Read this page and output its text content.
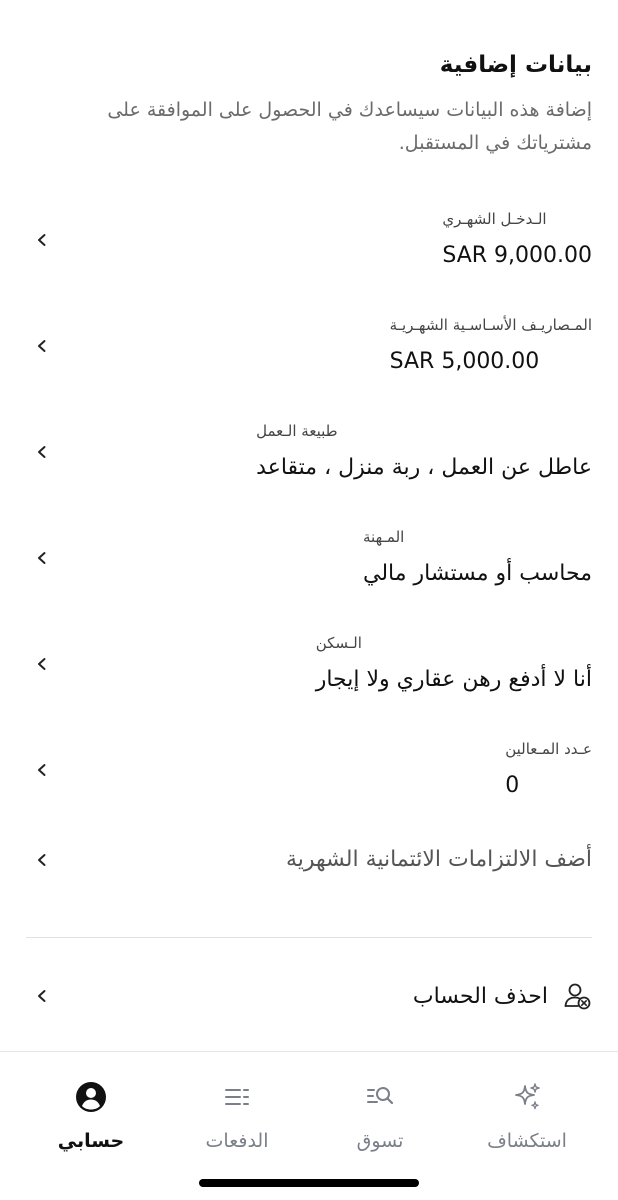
بيانات إضافية
إضافة هذه البيانات سيساعدك في الحصول على الموافقة على مشترياتك في المستقبل.
الـدخـل الشهـري
SAR 9,000.00
المـصاريـف الأسـاسـية الشهـريـة
SAR 5,000.00
طبيعة الـعمل
عاطل عن العمل ، ربة منزل ، متقاعد
المـهنة
محاسب أو مستشار مالي
الـسكن
أنا لا أدفع رهن عقاري ولا إيجار
عـدد المـعالين
0
أضف الالتزامات الائتمانية الشهرية
احذف الحساب
استكشاف
تسوق
الدفعات
حسابي
